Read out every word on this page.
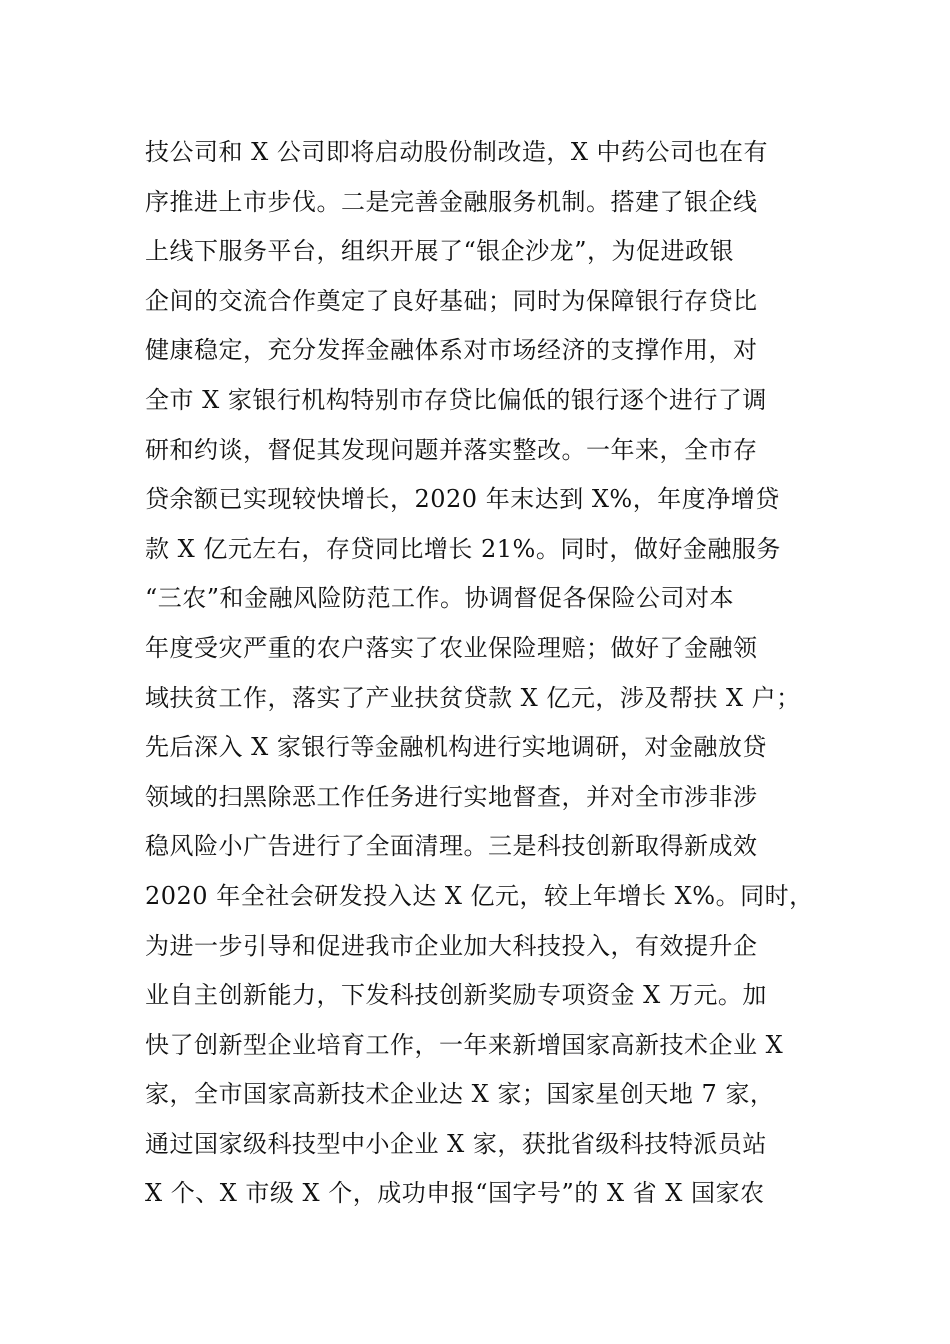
技公司和 X 公司即将启动股份制改造，X 中药公司也在有
序推进上市步伐。二是完善金融服务机制。搭建了银企线
上线下服务平台，组织开展了“银企沙龙”，为促进政银
企间的交流合作奠定了良好基础；同时为保障银行存贷比
健康稳定，充分发挥金融体系对市场经济的支撑作用，对
全市 X 家银行机构特别市存贷比偏低的银行逐个进行了调
研和约谈，督促其发现问题并落实整改。一年来，全市存
贷余额已实现较快增长，2020 年末达到 X%，年度净增贷
款 X 亿元左右，存贷同比增长 21%。同时，做好金融服务
“三农”和金融风险防范工作。协调督促各保险公司对本
年度受灾严重的农户落实了农业保险理赔；做好了金融领
域扶贫工作，落实了产业扶贫贷款 X 亿元，涉及帮扶 X 户；
先后深入 X 家银行等金融机构进行实地调研，对金融放贷
领域的扫黑除恶工作任务进行实地督查，并对全市涉非涉
稳风险小广告进行了全面清理。三是科技创新取得新成效
2020 年全社会研发投入达 X 亿元，较上年增长 X%。同时，
为进一步引导和促进我市企业加大科技投入，有效提升企
业自主创新能力，下发科技创新奖励专项资金 X 万元。加
快了创新型企业培育工作，一年来新增国家高新技术企业 X
家，全市国家高新技术企业达 X 家；国家星创天地 7 家，
通过国家级科技型中小企业 X 家，获批省级科技特派员站
X 个、X 市级 X 个，成功申报“国字号”的 X 省 X 国家农
